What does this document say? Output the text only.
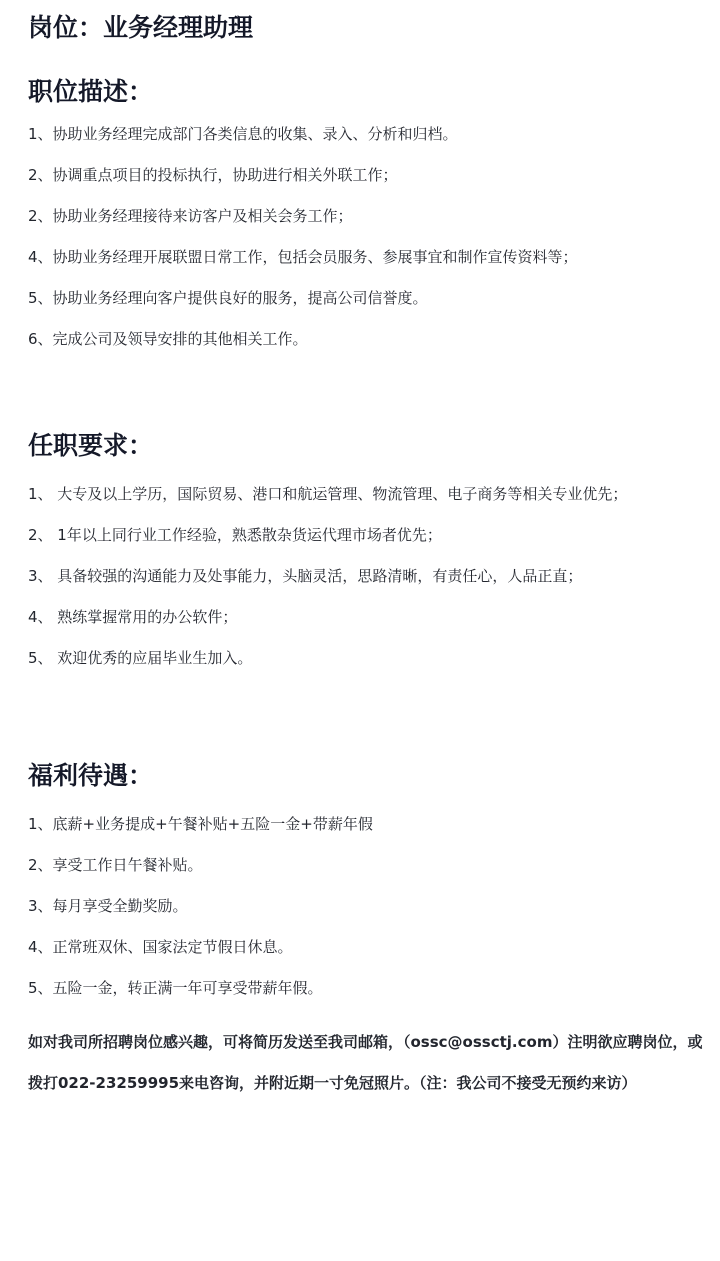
岗位：业务经理助理
职位描述：
1、协助业务经理完成部门各类信息的收集、录入、分析和归档。
2、协调重点项目的投标执行，协助进行相关外联工作；
2、协助业务经理接待来访客户及相关会务工作；
4、协助业务经理开展联盟日常工作，包括会员服务、参展事宜和制作宣传资料等；
5、协助业务经理向客户提供良好的服务，提高公司信誉度。
6、完成公司及领导安排的其他相关工作。
任职要求：
1、 大专及以上学历，国际贸易、港口和航运管理、物流管理、电子商务等相关专业优先；
2、 1年以上同行业工作经验，熟悉散杂货运代理市场者优先；
3、 具备较强的沟通能力及处事能力，头脑灵活，思路清晰，有责任心，人品正直；
4、 熟练掌握常用的办公软件；
5、 欢迎优秀的应届毕业生加入。
福利待遇：
1、底薪+业务提成+午餐补贴+五险一金+带薪年假
2、享受工作日午餐补贴。
3、每月享受全勤奖励。
4、正常班双休、国家法定节假日休息。
5、五险一金，转正满一年可享受带薪年假。

如对我司所招聘岗位感兴趣，可将简历发送至我司邮箱，（ossc@ossctj.com）注明欲应聘岗位，或拨打022-23259995来电咨询，并附近期一寸免冠照片。（注：我公司不接受无预约来访）
